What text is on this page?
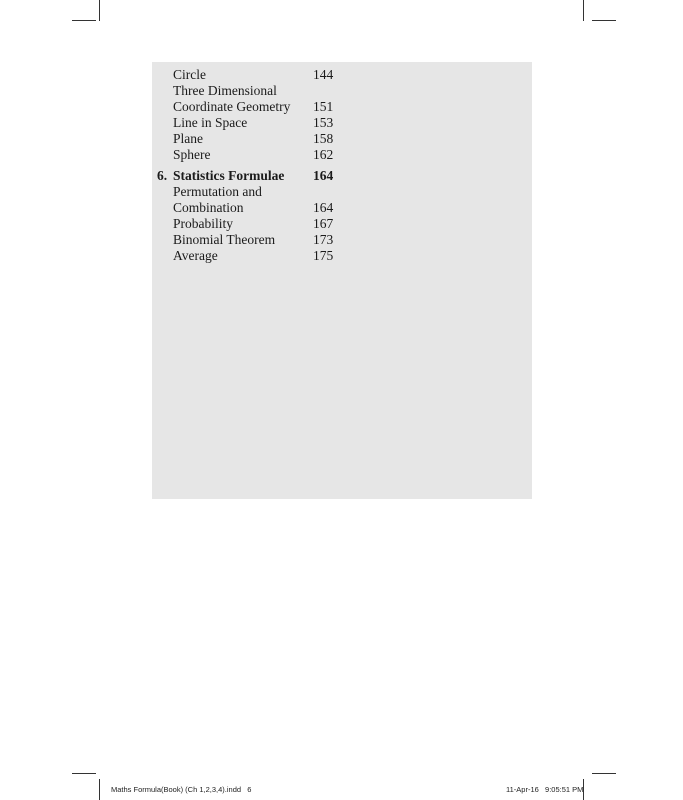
Circle	144
Three Dimensional
Coordinate Geometry 151
Line in Space	153
Plane	158
Sphere	162
6. Statistics Formulae 164
Permutation and
Combination	164
Probability	167
Binomial Theorem	173
Average	175
Maths Formula(Book) (Ch 1,2,3,4).indd   6	11-Apr-16   9:05:51 PM
